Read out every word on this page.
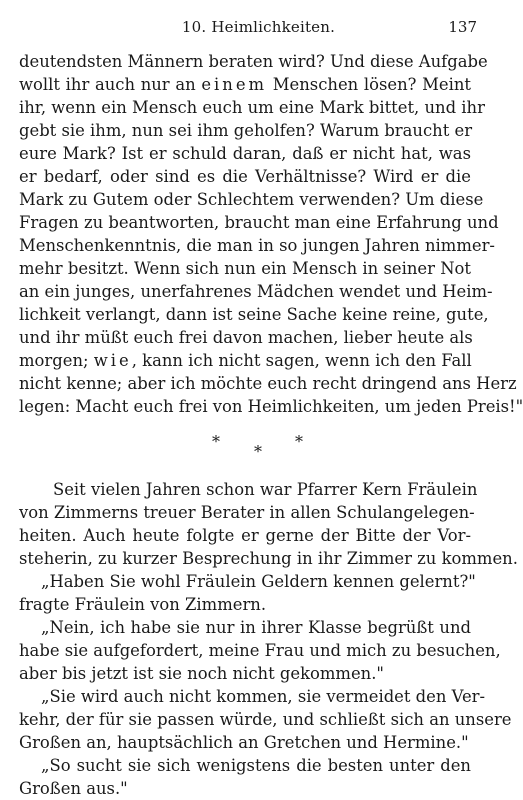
10. Heimlichkeiten.	137
deutendsten Männern beraten wird? Und diese Aufgabe
wollt ihr auch nur an einem Menschen lösen? Meint
ihr, wenn ein Mensch euch um eine Mark bittet, und ihr
gebt sie ihm, nun sei ihm geholfen? Warum braucht er
eure Mark? Ist er schuld daran, daß er nicht hat, was
er bedarf, oder sind es die Verhältnisse? Wird er die
Mark zu Gutem oder Schlechtem verwenden? Um diese
Fragen zu beantworten, braucht man eine Erfahrung und
Menschenkenntnis, die man in so jungen Jahren nimmer-
mehr besitzt. Wenn sich nun ein Mensch in seiner Not
an ein junges, unerfahrenes Mädchen wendet und Heim-
lichkeit verlangt, dann ist seine Sache keine reine, gute,
und ihr müßt euch frei davon machen, lieber heute als
morgen; wie, kann ich nicht sagen, wenn ich den Fall
nicht kenne; aber ich möchte euch recht dringend ans Herz
legen: Macht euch frei von Heimlichkeiten, um jeden Preis!"
*	*
*
Seit vielen Jahren schon war Pfarrer Kern Fräulein
von Zimmerns treuer Berater in allen Schulangelegen-
heiten. Auch heute folgte er gerne der Bitte der Vor-
steherin, zu kurzer Besprechung in ihr Zimmer zu kommen.
„Haben Sie wohl Fräulein Geldern kennen gelernt?"
fragte Fräulein von Zimmern.
„Nein, ich habe sie nur in ihrer Klasse begrüßt und
habe sie aufgefordert, meine Frau und mich zu besuchen,
aber bis jetzt ist sie noch nicht gekommen."
„Sie wird auch nicht kommen, sie vermeidet den Ver-
kehr, der für sie passen würde, und schließt sich an unsere
Großen an, hauptsächlich an Gretchen und Hermine."
„So sucht sie sich wenigstens die besten unter den
Großen aus."
